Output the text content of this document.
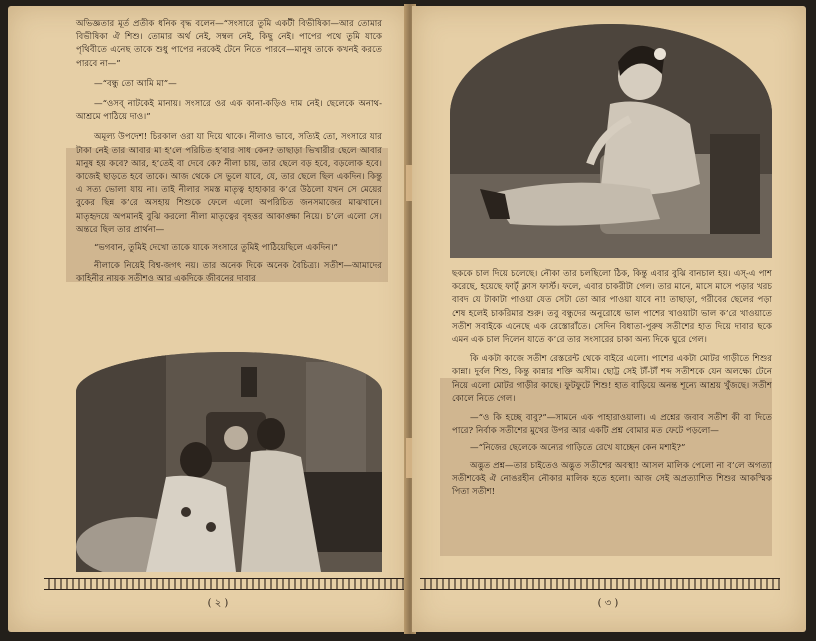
অভিজ্ঞতার মূর্ত প্রতীক ধনিক বৃদ্ধ বলেন—“সংসারে তুমি একটী বিভীষিকা—আর তোমার বিভীষিকা ঐ শিশু। তোমার অর্থ নেই, সম্বল নেই, কিছু নেই। পাপের পথে তুমি যাকে পৃথিবীতে এনেছ তাকে শুধু পাপের নরকেই টেনে নিতে পারবে—মানুষ তাকে কখনই করতে পারবে না—”

—“বন্ধু তো আমি মা”—

—“ওসব্‌ নাটকেই মানায়। সংসারে ওর এক কানা-কড়িও দাম নেই। ছেলেকে অনাথ-আশ্রমে পাঠিয়ে দাও।”

অমূল্য উপদেশ! চিরকাল ওরা যা দিয়ে থাকে। নীলাও ভাবে, সত্যিই তো, সংসারে যার টাকা নেই তার আবার মা হ’লে পরিচিত হ’বার সাধ কেন? তাছাড়া ভিখারীর ছেলে আবার মানুষ হয় কবে? আর, হ’তেই বা দেবে কে? নীলা চায়, তার ছেলে বড় হবে, বড়লোক হবে। কাজেই ছাড়তে হবে তাকে। আজ থেকে সে ভুলে যাবে, যে, তার ছেলে ছিল একদিন। কিন্তু এ সত্য ভোলা যায় না। তাই নীলার সমস্ত মাতৃত্ব হাহাকার ক’রে উঠলো যখন সে মেয়ের বুকের ছিন্ন ক’রে অসহায় শিশুকে ফেলে এলো অপরিচিত জনসমাজের মাঝখানে। মাতৃহৃদয়ে অপমানই বুঝি করলো নীলা মাতৃত্বের বৃহত্তর আকাঙ্ক্ষা নিয়ে। চ’লে এলো সে। অন্তরে ছিল তার প্রার্থনা—

“ভগবান, তুমিই দেখো তাকে যাকে সংসারে তুমিই পাঠিয়েছিলে একদিন।”

নীলাকে নিয়েই বিশ্ব-জগৎ নয়। তার অনেক দিকে অনেক বৈচিত্র্য। সতীশ—আমাদের কাহিনীর নায়ক সতীশও আর একদিকে জীবনের দাবার

( ২ )

ছককে চাল দিয়ে চলেছে। নৌকা তার চলছিলো ঠিক, কিন্তু এবার বুঝি বানচাল হয়। এস্‌-এ পাশ করেছে, হয়েছে ফার্ট্ ক্লাস ফার্স্ট। ফলে, এবার চাকরীটা গেল। তার মানে, মাসে মাসে পড়ার খরচ বাবদ যে টাকাটা পাওয়া যেত সেটা তো আর পাওয়া যাবে না! তাছাড়া, গরীবের ছেলের পড়া শেষ হলেই চাকরিমার শুরু। তবু বন্ধুদের অনুরোধে ভাল পাশের খাওয়াটা ভাল ক’রে খাওয়াতে সতীশ সবাইকে এনেছে এক রেস্তোরাঁতে। সেদিন বিধাতা-পুরুষ সতীশের হাত দিয়ে দাবার ছকে এমন এক চাল দিলেন যাতে ক’রে তার সংসারের চাকা অন্য দিকে ঘুরে গেল।

কি একটা কাজে সতীশ রেস্তরেন্ট থেকে বাইরে এলো। পাশের একটা মোটর গাড়ীতে শিশুর কান্না। দুর্বল শিশু, কিন্তু কান্নার শক্তি অসীম। ছোট্ট সেই টাঁ-টাঁ শব্দ সতীশকে যেন অলক্ষ্যে টেনে নিয়ে এলো মোটর গাড়ীর কাছে। ফুটফুটে শিশু! হাত বাড়িয়ে অনন্ত শূন্যে আশ্রয় খুঁজছে। সতীশ কোলে নিতে গেল।

—“ও কি হচ্ছে বাবু?”—সামনে এক পাহারাওয়ালা। এ প্রশ্নের জবাব সতীশ কী বা দিতে পারে? নির্বাক সতীশের মুখের উপর আর একটি প্রশ্ন বোমার মত ফেটে পড়লো—

—“নিজের ছেলেকে অন্যের গাড়িতে রেখে যাচ্ছেন কেন মশাই?”

অদ্ভুত প্রশ্ন—তার চাইতেও অদ্ভুত সতীশের অবস্থা! আসল মালিক পেলো না ব’লে অগত্যা সতীশকেই ঐ নোঙরহীন নৌকার মালিক হতে হলো। আজ সেই অপ্রত্যাশিত শিশুর আকস্মিক পিতা সতীশ!

( ৩ )
